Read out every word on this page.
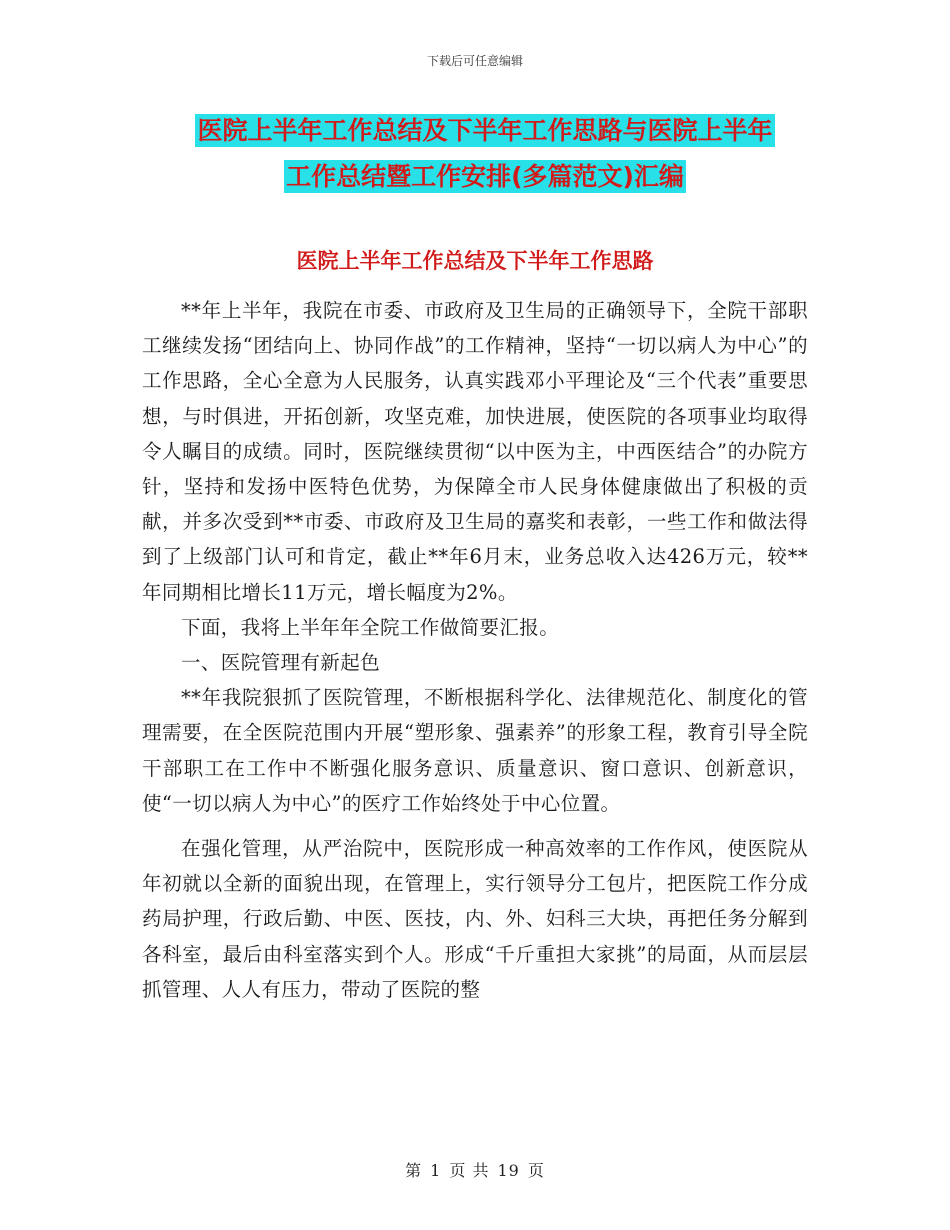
下载后可任意编辑
医院上半年工作总结及下半年工作思路与医院上半年
工作总结暨工作安排(多篇范文)汇编
医院上半年工作总结及下半年工作思路

**年上半年，我院在市委、市政府及卫生局的正确领导下，全院干部职工继续发扬“团结向上、协同作战”的工作精神，坚持“一切以病人为中心”的工作思路，全心全意为人民服务，认真实践邓小平理论及“三个代表”重要思想，与时俱进，开拓创新，攻坚克难，加快进展，使医院的各项事业均取得令人瞩目的成绩。同时，医院继续贯彻“以中医为主，中西医结合”的办院方针，坚持和发扬中医特色优势，为保障全市人民身体健康做出了积极的贡献，并多次受到**市委、市政府及卫生局的嘉奖和表彰，一些工作和做法得到了上级部门认可和肯定，截止**年6月末，业务总收入达426万元，较**年同期相比增长11万元，增长幅度为2%。

下面，我将上半年年全院工作做简要汇报。

一、医院管理有新起色

**年我院狠抓了医院管理，不断根据科学化、法律规范化、制度化的管理需要，在全医院范围内开展“塑形象、强素养”的形象工程，教育引导全院干部职工在工作中不断强化服务意识、质量意识、窗口意识、创新意识，使“一切以病人为中心”的医疗工作始终处于中心位置。

在强化管理，从严治院中，医院形成一种高效率的工作作风，使医院从年初就以全新的面貌出现，在管理上，实行领导分工包片，把医院工作分成药局护理，行政后勤、中医、医技，内、外、妇科三大块，再把任务分解到各科室，最后由科室落实到个人。形成“千斤重担大家挑”的局面，从而层层抓管理、人人有压力，带动了医院的整

第 1 页 共 19 页
